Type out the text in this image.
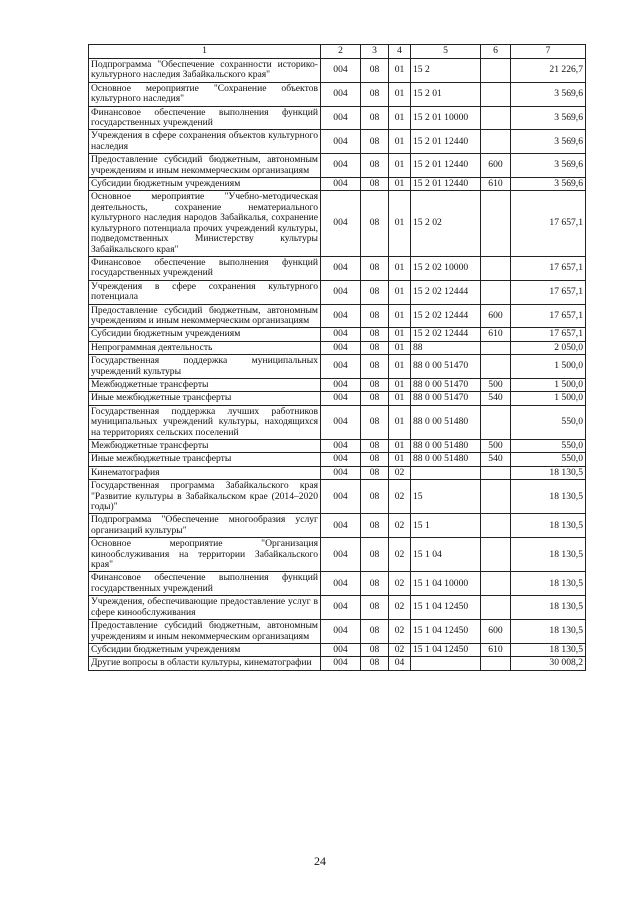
1	2	3	4	5	6	7
Подпрограмма "Обеспечение сохранности историко-культурного наследия Забайкальского края"	004	08	01	15 2		21 226,7
Основное мероприятие "Сохранение объектов культурного наследия"	004	08	01	15 2 01		3 569,6
Финансовое обеспечение выполнения функций государственных учреждений	004	08	01	15 2 01 10000		3 569,6
Учреждения в сфере сохранения объектов культурного наследия	004	08	01	15 2 01 12440		3 569,6
Предоставление субсидий бюджетным, автономным учреждениям и иным некоммерческим организациям	004	08	01	15 2 01 12440	600	3 569,6
Субсидии бюджетным учреждениям	004	08	01	15 2 01 12440	610	3 569,6
Основное мероприятие "Учебно-методическая деятельность, сохранение нематериального культурного наследия народов Забайкалья, сохранение культурного потенциала прочих учреждений культуры, подведомственных Министерству культуры Забайкальского края"	004	08	01	15 2 02		17 657,1
Финансовое обеспечение выполнения функций государственных учреждений	004	08	01	15 2 02 10000		17 657,1
Учреждения в сфере сохранения культурного потенциала	004	08	01	15 2 02 12444		17 657,1
Предоставление субсидий бюджетным, автономным учреждениям и иным некоммерческим организациям	004	08	01	15 2 02 12444	600	17 657,1
Субсидии бюджетным учреждениям	004	08	01	15 2 02 12444	610	17 657,1
Непрограммная деятельность	004	08	01	88		2 050,0
Государственная поддержка муниципальных учреждений культуры	004	08	01	88 0 00 51470		1 500,0
Межбюджетные трансферты	004	08	01	88 0 00 51470	500	1 500,0
Иные межбюджетные трансферты	004	08	01	88 0 00 51470	540	1 500,0
Государственная поддержка лучших работников муниципальных учреждений культуры, находящихся на территориях сельских поселений	004	08	01	88 0 00 51480		550,0
Межбюджетные трансферты	004	08	01	88 0 00 51480	500	550,0
Иные межбюджетные трансферты	004	08	01	88 0 00 51480	540	550,0
Кинематография	004	08	02			18 130,5
Государственная программа Забайкальского края "Развитие культуры в Забайкальском крае (2014–2020 годы)"	004	08	02	15		18 130,5
Подпрограмма "Обеспечение многообразия услуг организаций культуры"	004	08	02	15 1		18 130,5
Основное мероприятие "Организация кинообслуживания на территории Забайкальского края"	004	08	02	15 1 04		18 130,5
Финансовое обеспечение выполнения функций государственных учреждений	004	08	02	15 1 04 10000		18 130,5
Учреждения, обеспечивающие предоставление услуг в сфере кинообслуживания	004	08	02	15 1 04 12450		18 130,5
Предоставление субсидий бюджетным, автономным учреждениям и иным некоммерческим организациям	004	08	02	15 1 04 12450	600	18 130,5
Субсидии бюджетным учреждениям	004	08	02	15 1 04 12450	610	18 130,5
Другие вопросы в области культуры, кинематографии	004	08	04			30 008,2
24
